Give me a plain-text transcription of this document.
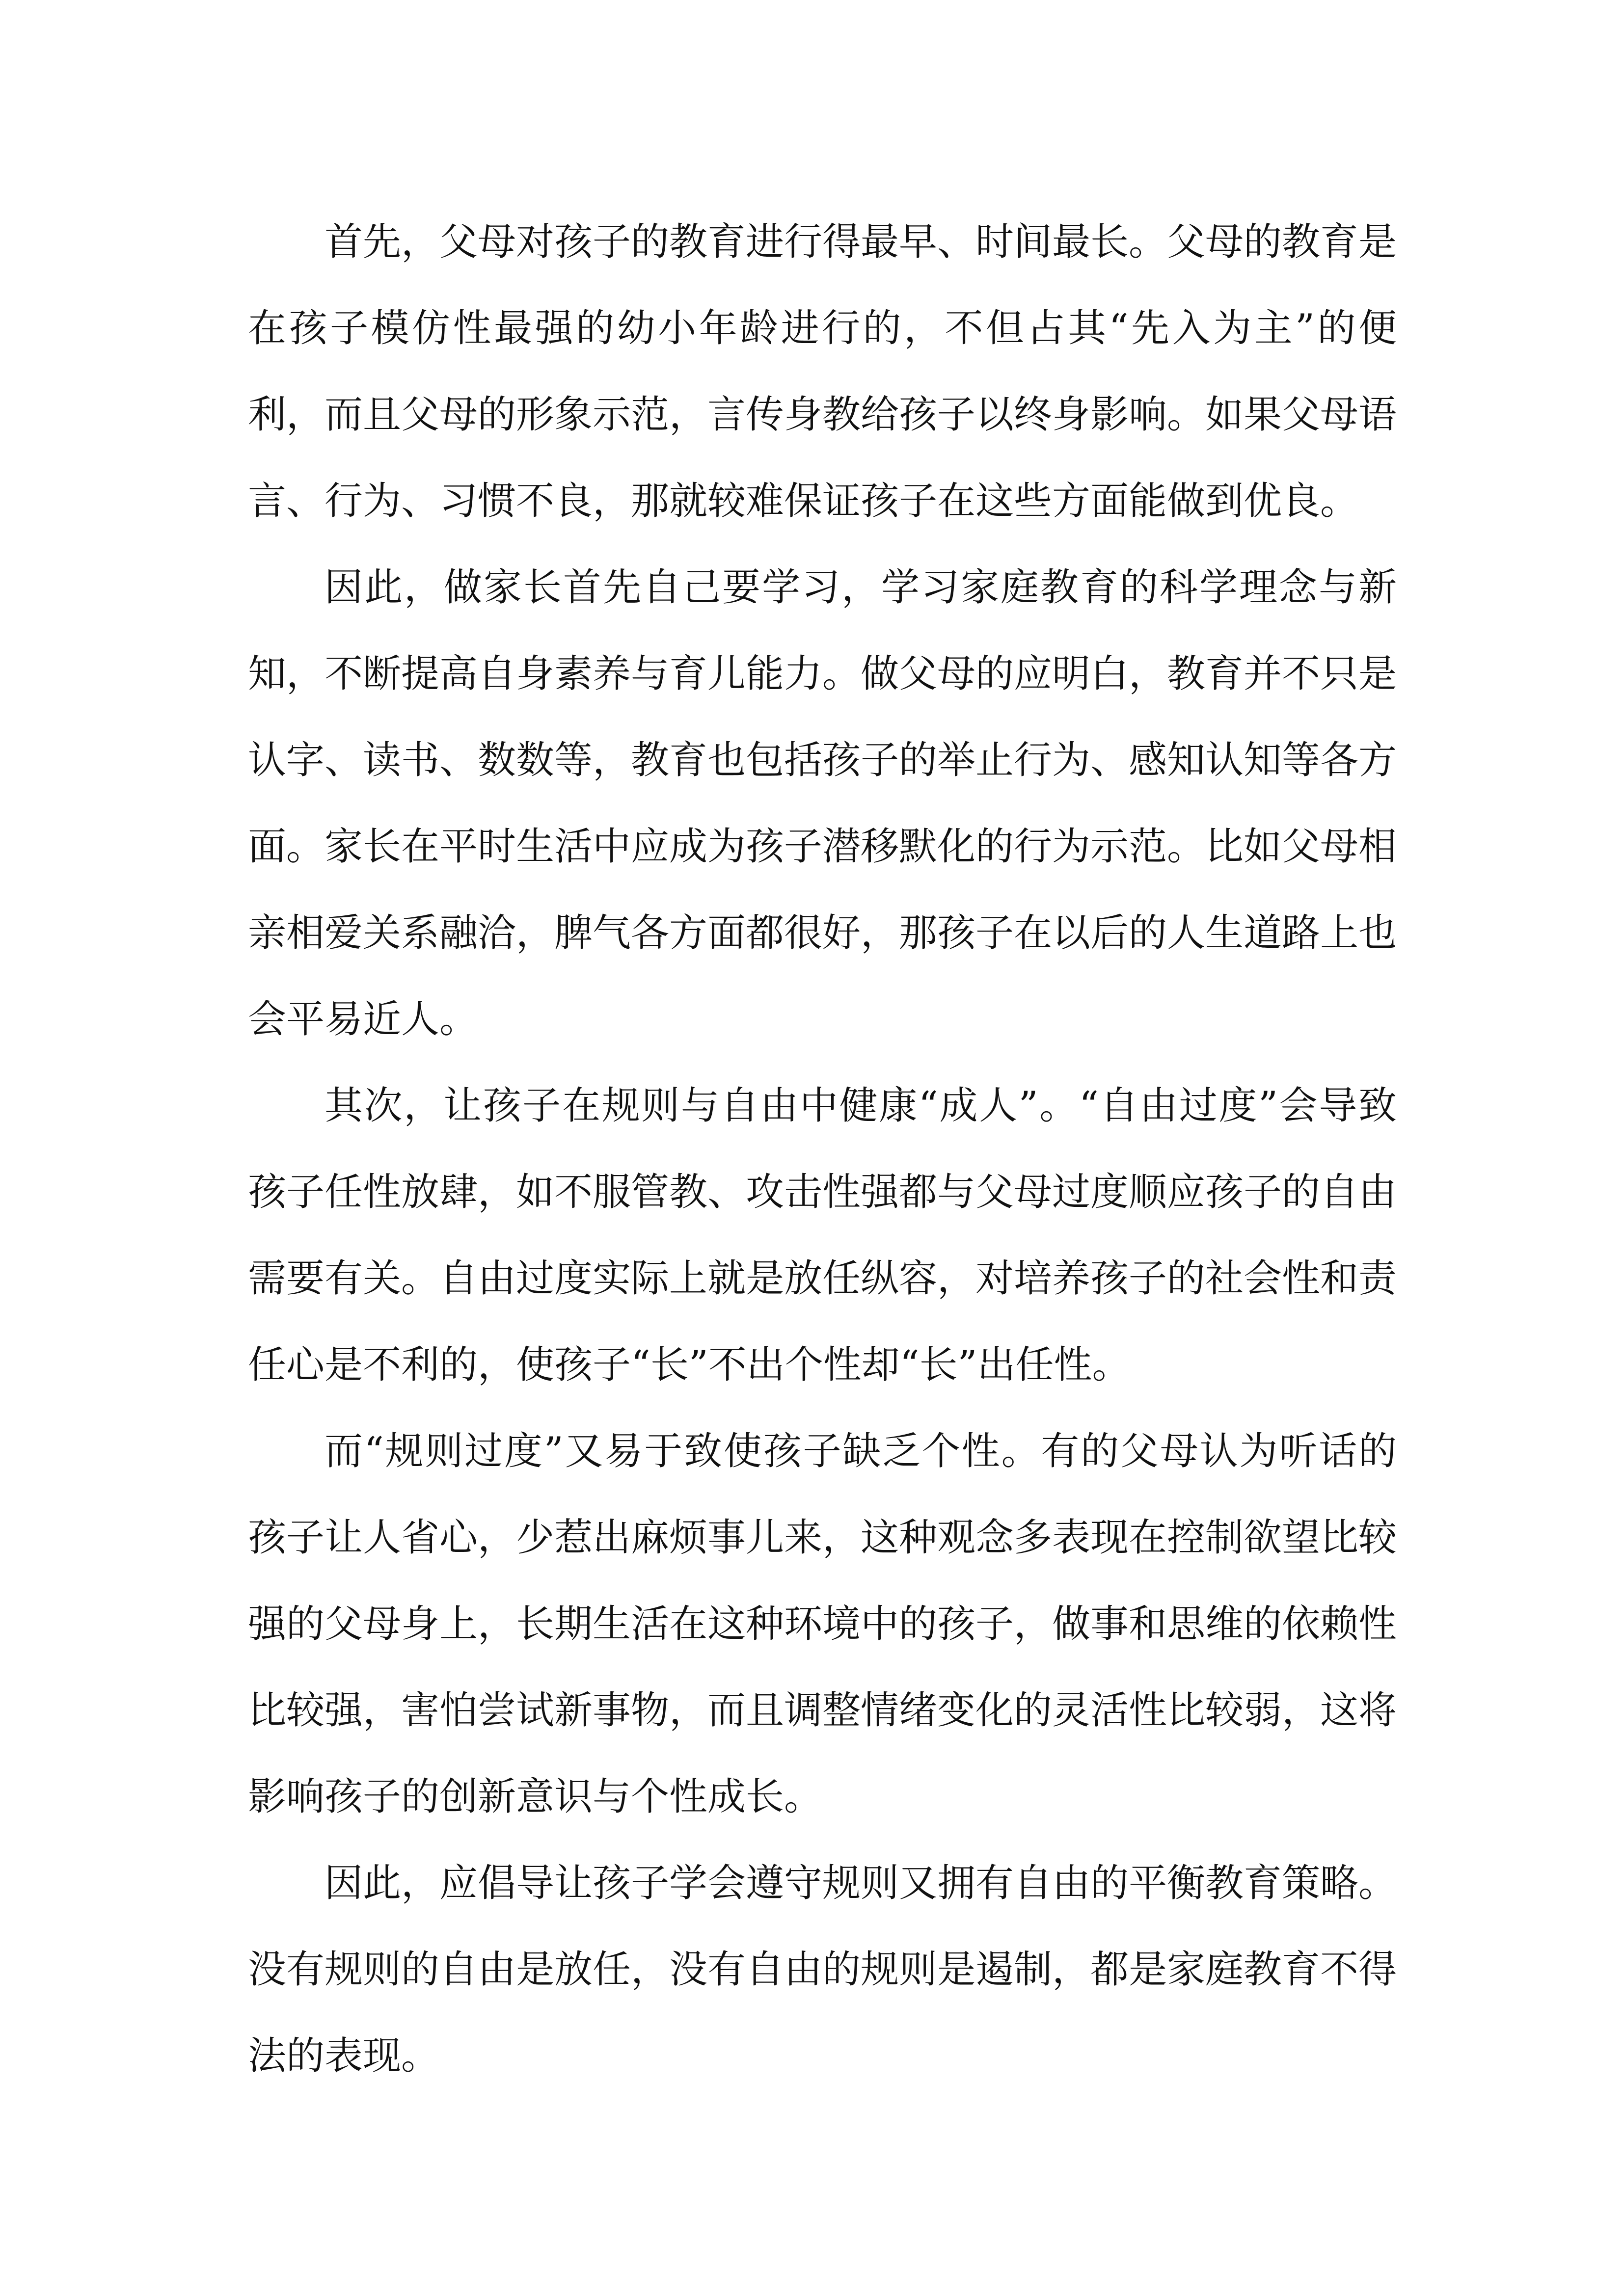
首先，父母对孩子的教育进行得最早、时间最长。父母的教育是在孩子模仿性最强的幼小年龄进行的，不但占其“先入为主”的便利，而且父母的形象示范，言传身教给孩子以终身影响。如果父母语言、行为、习惯不良，那就较难保证孩子在这些方面能做到优良。

因此，做家长首先自己要学习，学习家庭教育的科学理念与新知，不断提高自身素养与育儿能力。做父母的应明白，教育并不只是认字、读书、数数等，教育也包括孩子的举止行为、感知认知等各方面。家长在平时生活中应成为孩子潜移默化的行为示范。比如父母相亲相爱关系融洽，脾气各方面都很好，那孩子在以后的人生道路上也会平易近人。

其次，让孩子在规则与自由中健康“成人”。“自由过度”会导致孩子任性放肆，如不服管教、攻击性强都与父母过度顺应孩子的自由需要有关。自由过度实际上就是放任纵容，对培养孩子的社会性和责任心是不利的，使孩子“长”不出个性却“长”出任性。

而“规则过度”又易于致使孩子缺乏个性。有的父母认为听话的孩子让人省心，少惹出麻烦事儿来，这种观念多表现在控制欲望比较强的父母身上，长期生活在这种环境中的孩子，做事和思维的依赖性比较强，害怕尝试新事物，而且调整情绪变化的灵活性比较弱，这将影响孩子的创新意识与个性成长。

因此，应倡导让孩子学会遵守规则又拥有自由的平衡教育策略。没有规则的自由是放任，没有自由的规则是遏制，都是家庭教育不得法的表现。
